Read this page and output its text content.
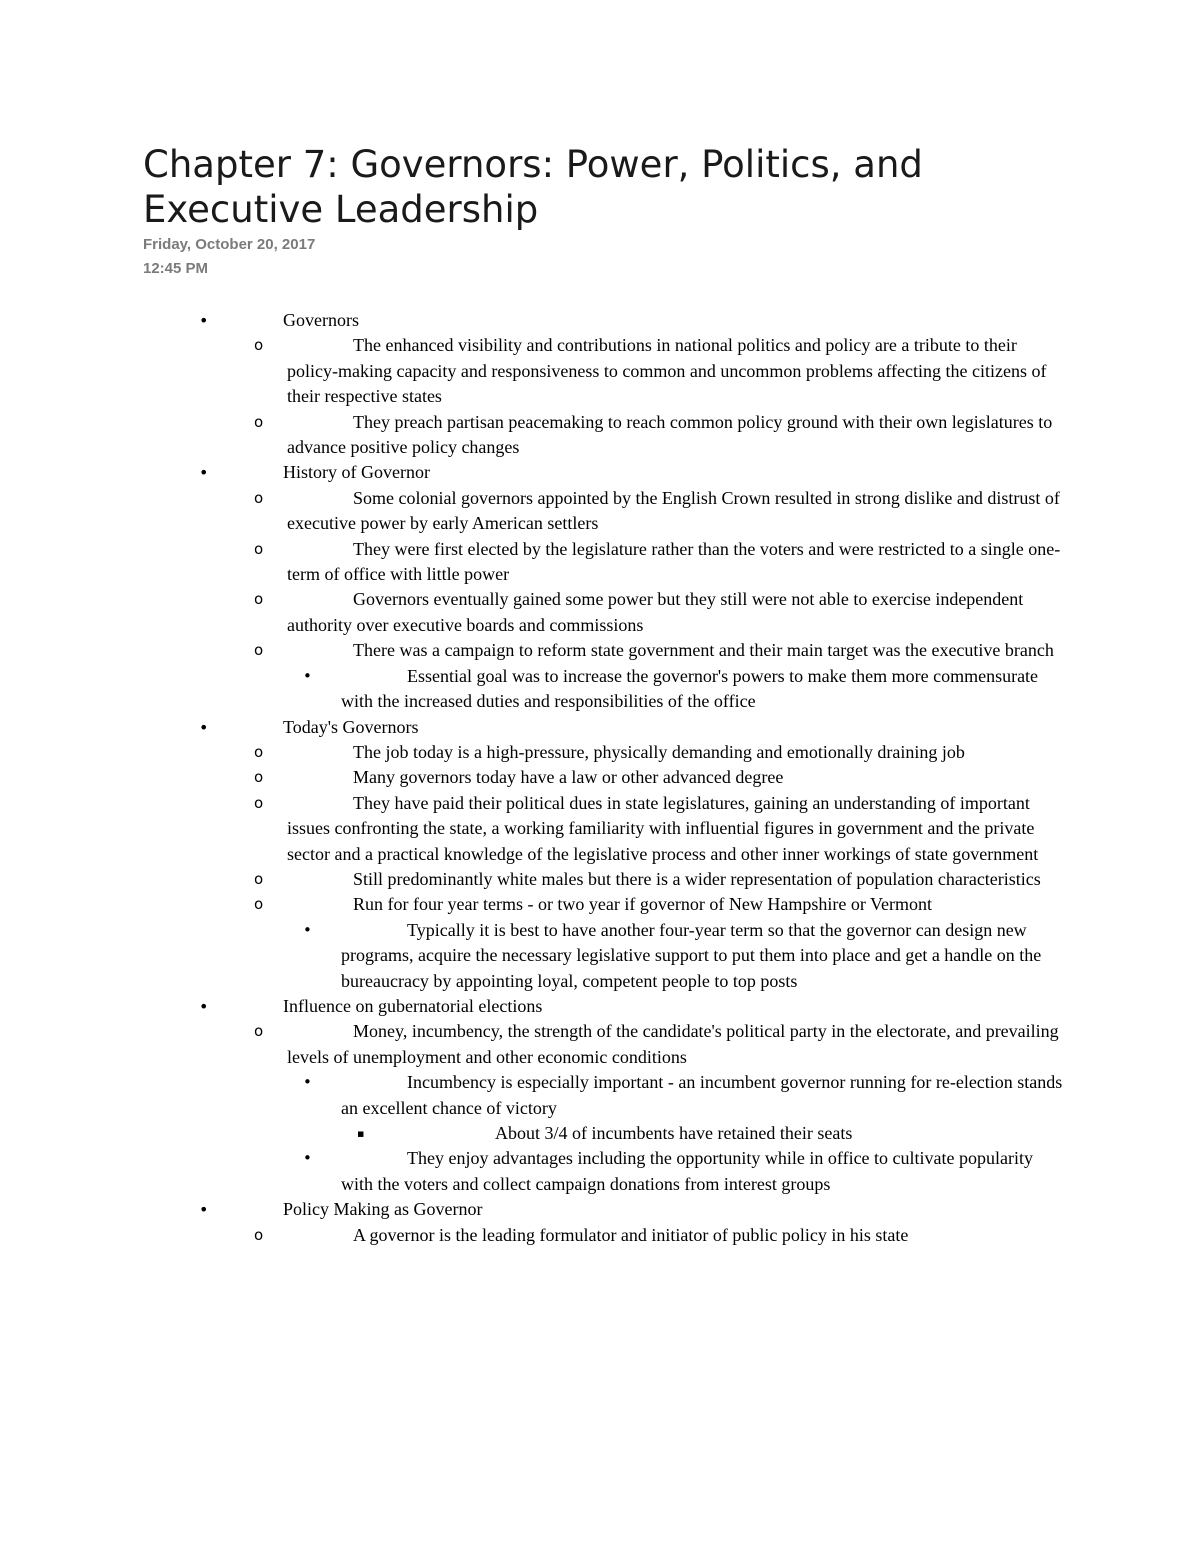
Chapter 7: Governors: Power, Politics, and Executive Leadership
Friday, October 20, 2017
12:45 PM
•	Governors
o	The enhanced visibility and contributions in national politics and policy are a tribute to their policy-making capacity and responsiveness to common and uncommon problems affecting the citizens of their respective states
o	They preach partisan peacemaking to reach common policy ground with their own legislatures to advance positive policy changes
•	History of Governor
o	Some colonial governors appointed by the English Crown resulted in strong dislike and distrust of executive power by early American settlers
o	They were first elected by the legislature rather than the voters and were restricted to a single one-term of office with little power
o	Governors eventually gained some power but they still were not able to exercise independent authority over executive boards and commissions
o	There was a campaign to reform state government and their main target was the executive branch
•	Essential goal was to increase the governor's powers to make them more commensurate with the increased duties and responsibilities of the office
•	Today's Governors
o	The job today is a high-pressure, physically demanding and emotionally draining job
o	Many governors today have a law or other advanced degree
o	They have paid their political dues in state legislatures, gaining an understanding of important issues confronting the state, a working familiarity with influential figures in government and the private sector and a practical knowledge of the legislative process and other inner workings of state government
o	Still predominantly white males but there is a wider representation of population characteristics
o	Run for four year terms - or two year if governor of New Hampshire or Vermont
•	Typically it is best to have another four-year term so that the governor can design new programs, acquire the necessary legislative support to put them into place and get a handle on the bureaucracy by appointing loyal, competent people to top posts
•	Influence on gubernatorial elections
o	Money, incumbency, the strength of the candidate's political party in the electorate, and prevailing levels of unemployment and other economic conditions
•	Incumbency is especially important - an incumbent governor running for re-election stands an excellent chance of victory
▪	About 3/4 of incumbents have retained their seats
•	They enjoy advantages including the opportunity while in office to cultivate popularity with the voters and collect campaign donations from interest groups
•	Policy Making as Governor
o	A governor is the leading formulator and initiator of public policy in his state
